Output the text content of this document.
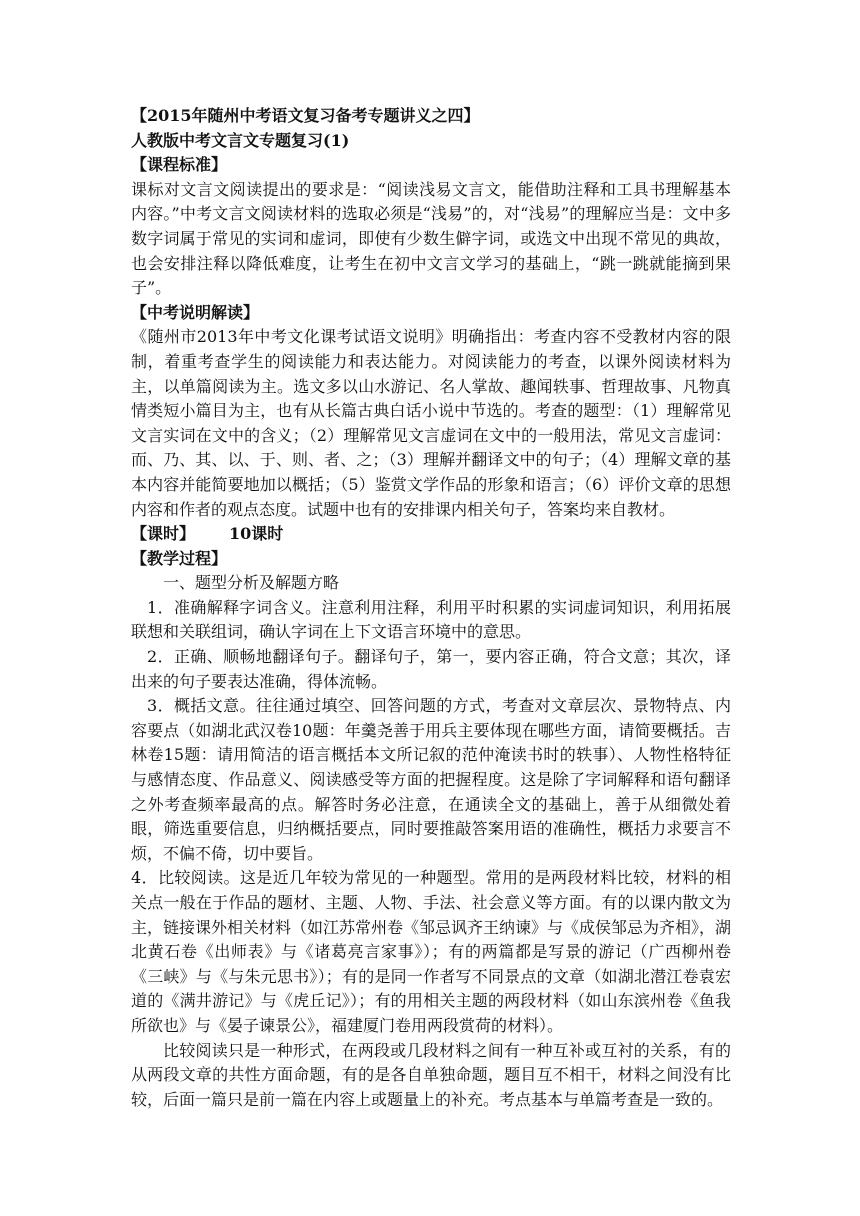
【2015年随州中考语文复习备考专题讲义之四】

人教版中考文言文专题复习(1)

【课程标准】

课标对文言文阅读提出的要求是：“阅读浅易文言文，能借助注释和工具书理解基本内容。”中考文言文阅读材料的选取必须是“浅易”的，对“浅易”的理解应当是：文中多数字词属于常见的实词和虚词，即使有少数生僻字词，或选文中出现不常见的典故，也会安排注释以降低难度，让考生在初中文言文学习的基础上，“跳一跳就能摘到果子”。

【中考说明解读】

《随州市2013年中考文化课考试语文说明》明确指出：考查内容不受教材内容的限制，着重考查学生的阅读能力和表达能力。对阅读能力的考查，以课外阅读材料为主，以单篇阅读为主。选文多以山水游记、名人掌故、趣闻轶事、哲理故事、凡物真情类短小篇目为主，也有从长篇古典白话小说中节选的。考查的题型：（1）理解常见文言实词在文中的含义；（2）理解常见文言虚词在文中的一般用法，常见文言虚词：而、乃、其、以、于、则、者、之；（3）理解并翻译文中的句子；（4）理解文章的基本内容并能简要地加以概括；（5）鉴赏文学作品的形象和语言；（6）评价文章的思想内容和作者的观点态度。试题中也有的安排课内相关句子，答案均来自教材。

【课时】 10课时

【教学过程】

一、题型分析及解题方略

1．准确解释字词含义。注意利用注释，利用平时积累的实词虚词知识，利用拓展联想和关联组词，确认字词在上下文语言环境中的意思。

2．正确、顺畅地翻译句子。翻译句子，第一，要内容正确，符合文意；其次，译出来的句子要表达准确，得体流畅。

3．概括文意。往往通过填空、回答问题的方式，考查对文章层次、景物特点、内容要点（如湖北武汉卷10题：年羹尧善于用兵主要体现在哪些方面，请简要概括。吉林卷15题：请用简洁的语言概括本文所记叙的范仲淹读书时的轶事）、人物性格特征与感情态度、作品意义、阅读感受等方面的把握程度。这是除了字词解释和语句翻译之外考查频率最高的点。解答时务必注意，在通读全文的基础上，善于从细微处着眼，筛选重要信息，归纳概括要点，同时要推敲答案用语的准确性，概括力求要言不烦，不偏不倚，切中要旨。

4．比较阅读。这是近几年较为常见的一种题型。常用的是两段材料比较，材料的相关点一般在于作品的题材、主题、人物、手法、社会意义等方面。有的以课内散文为主，链接课外相关材料（如江苏常州卷《邹忌讽齐王纳谏》与《成侯邹忌为齐相》，湖北黄石卷《出师表》与《诸葛亮言家事》）；有的两篇都是写景的游记（广西柳州卷《三峡》与《与朱元思书》）；有的是同一作者写不同景点的文章（如湖北潜江卷袁宏道的《满井游记》与《虎丘记》）；有的用相关主题的两段材料（如山东滨州卷《鱼我所欲也》与《晏子谏景公》，福建厦门卷用两段赏荷的材料）。

比较阅读只是一种形式，在两段或几段材料之间有一种互补或互衬的关系，有的从两段文章的共性方面命题，有的是各自单独命题，题目互不相干，材料之间没有比较，后面一篇只是前一篇在内容上或题量上的补充。考点基本与单篇考查是一致的。
